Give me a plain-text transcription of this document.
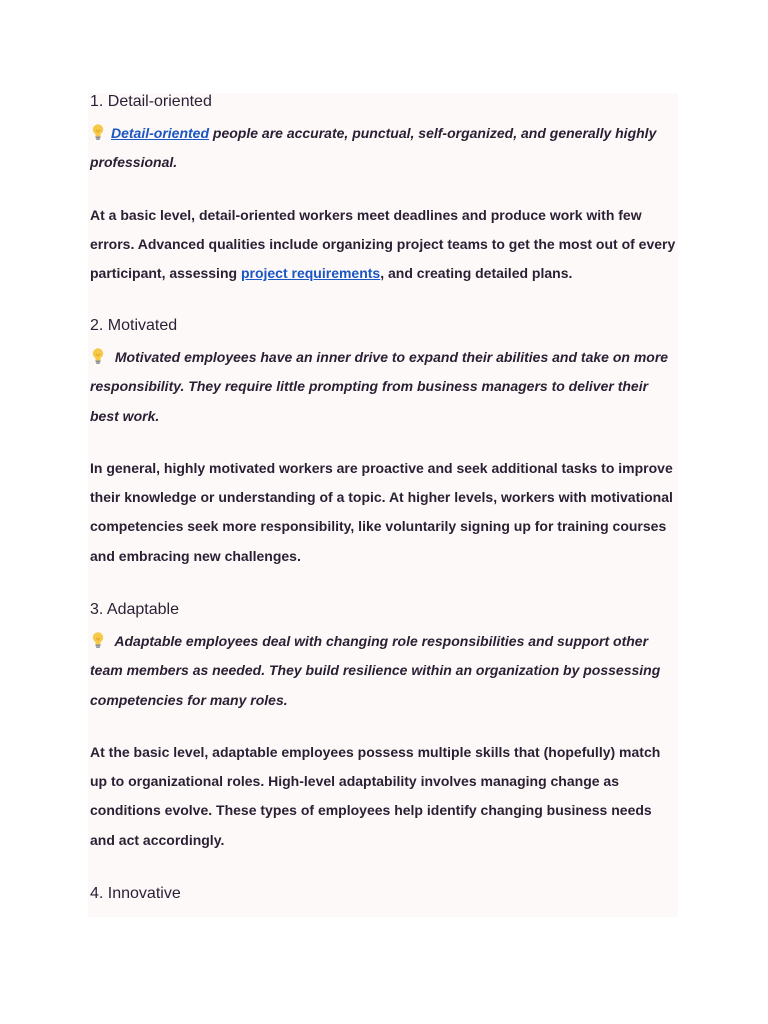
1. Detail-oriented

Detail-oriented people are accurate, punctual, self-organized, and generally highly professional.

At a basic level, detail-oriented workers meet deadlines and produce work with few errors. Advanced qualities include organizing project teams to get the most out of every participant, assessing project requirements, and creating detailed plans.

2. Motivated

Motivated employees have an inner drive to expand their abilities and take on more responsibility. They require little prompting from business managers to deliver their best work.

In general, highly motivated workers are proactive and seek additional tasks to improve their knowledge or understanding of a topic. At higher levels, workers with motivational competencies seek more responsibility, like voluntarily signing up for training courses and embracing new challenges.

3. Adaptable

Adaptable employees deal with changing role responsibilities and support other team members as needed. They build resilience within an organization by possessing competencies for many roles.

At the basic level, adaptable employees possess multiple skills that (hopefully) match up to organizational roles. High-level adaptability involves managing change as conditions evolve. These types of employees help identify changing business needs and act accordingly.

4. Innovative
